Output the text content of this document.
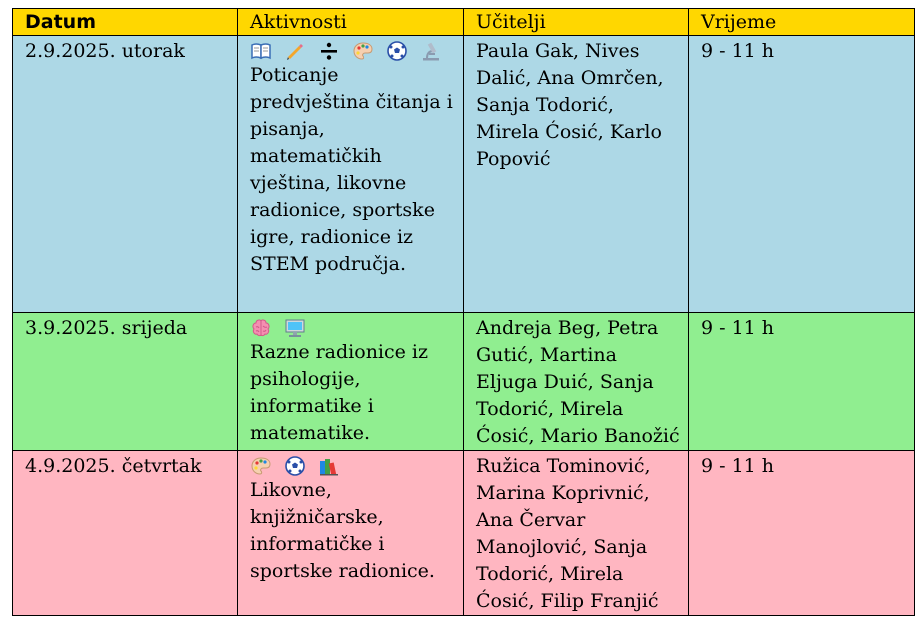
Datum	Aktivnosti	Učitelji	Vrijeme

2.9.2025. utorak	Poticanje predvještina čitanja i pisanja, matematičkih vještina, likovne radionice, sportske igre, radionice iz STEM područja.	Paula Gak, Nives Dalić, Ana Omrčen, Sanja Todorić, Mirela Ćosić, Karlo Popović	9 - 11 h

3.9.2025. srijeda	Razne radionice iz psihologije, informatike i matematike.	Andreja Beg, Petra Gutić, Martina Eljuga Duić, Sanja Todorić, Mirela Ćosić, Mario Banožić	9 - 11 h

4.9.2025. četvrtak	Likovne, knjižničarske, informatičke i sportske radionice.	Ružica Tominović, Marina Koprivnić, Ana Červar Manojlović, Sanja Todorić, Mirela Ćosić, Filip Franjić	9 - 11 h
